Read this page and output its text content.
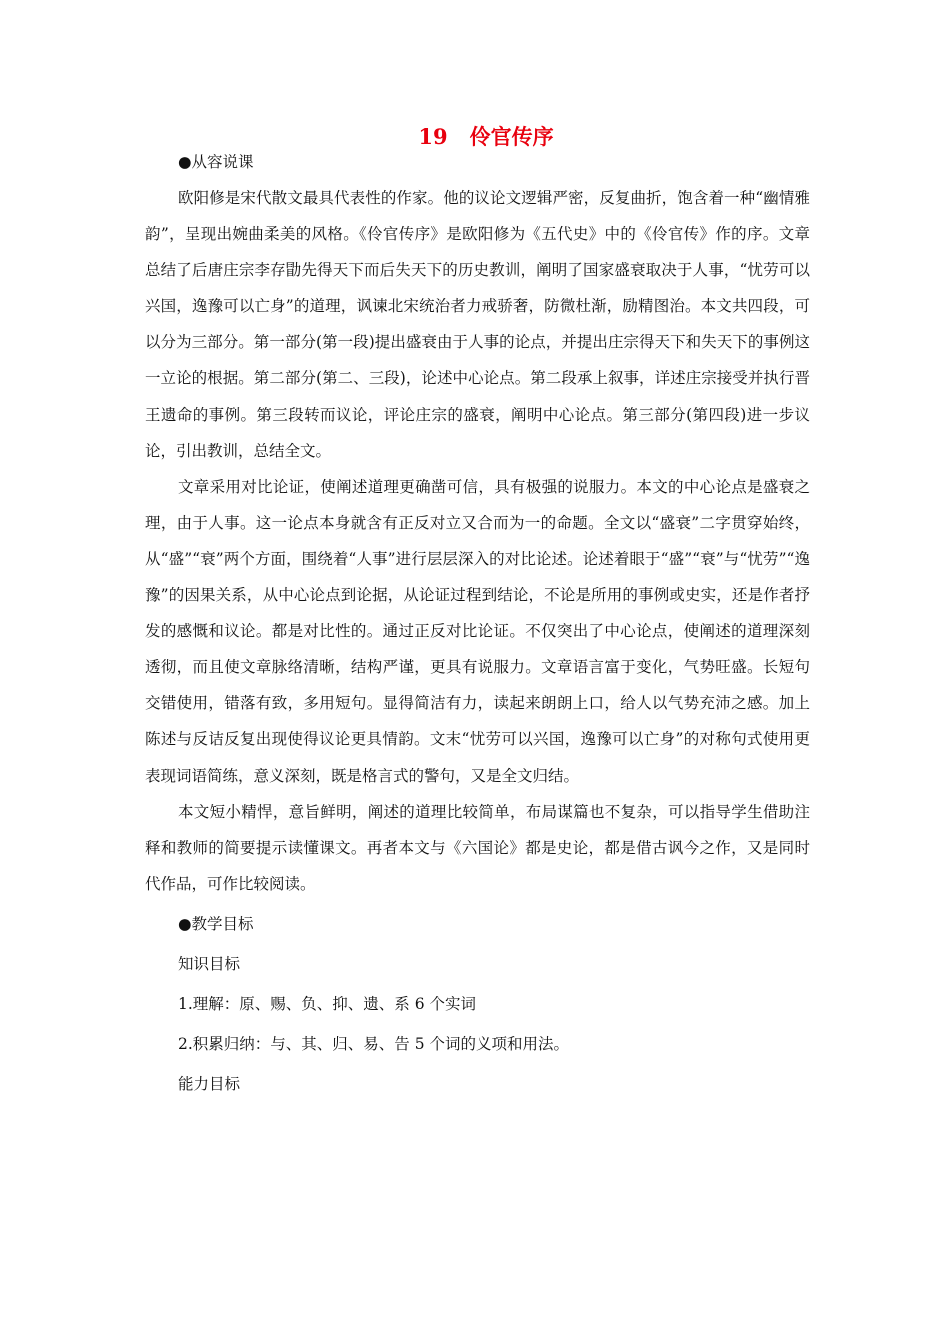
19 伶官传序
●从容说课

欧阳修是宋代散文最具代表性的作家。他的议论文逻辑严密，反复曲折，饱含着一种“幽情雅韵”，呈现出婉曲柔美的风格。《伶官传序》是欧阳修为《五代史》中的《伶官传》作的序。文章总结了后唐庄宗李存勖先得天下而后失天下的历史教训，阐明了国家盛衰取决于人事，“忧劳可以兴国，逸豫可以亡身”的道理，讽谏北宋统治者力戒骄奢，防微杜渐，励精图治。本文共四段，可以分为三部分。第一部分(第一段)提出盛衰由于人事的论点，并提出庄宗得天下和失天下的事例这一立论的根据。第二部分(第二、三段)，论述中心论点。第二段承上叙事，详述庄宗接受并执行晋王遗命的事例。第三段转而议论，评论庄宗的盛衰，阐明中心论点。第三部分(第四段)进一步议论，引出教训，总结全文。

文章采用对比论证，使阐述道理更确凿可信，具有极强的说服力。本文的中心论点是盛衰之理，由于人事。这一论点本身就含有正反对立又合而为一的命题。全文以“盛衰”二字贯穿始终，从“盛”“衰”两个方面，围绕着“人事”进行层层深入的对比论述。论述着眼于“盛”“衰”与“忧劳”“逸豫”的因果关系，从中心论点到论据，从论证过程到结论，不论是所用的事例或史实，还是作者抒发的感慨和议论。都是对比性的。通过正反对比论证。不仅突出了中心论点，使阐述的道理深刻透彻，而且使文章脉络清晰，结构严谨，更具有说服力。文章语言富于变化，气势旺盛。长短句交错使用，错落有致，多用短句。显得简洁有力，读起来朗朗上口，给人以气势充沛之感。加上陈述与反诘反复出现使得议论更具情韵。文末“忧劳可以兴国，逸豫可以亡身”的对称句式使用更表现词语简练，意义深刻，既是格言式的警句，又是全文归结。

本文短小精悍，意旨鲜明，阐述的道理比较简单，布局谋篇也不复杂，可以指导学生借助注释和教师的简要提示读懂课文。再者本文与《六国论》都是史论，都是借古讽今之作，又是同时代作品，可作比较阅读。

●教学目标
知识目标
1.理解：原、赐、负、抑、遗、系 6 个实词
2.积累归纳：与、其、归、易、告 5 个词的义项和用法。
能力目标
